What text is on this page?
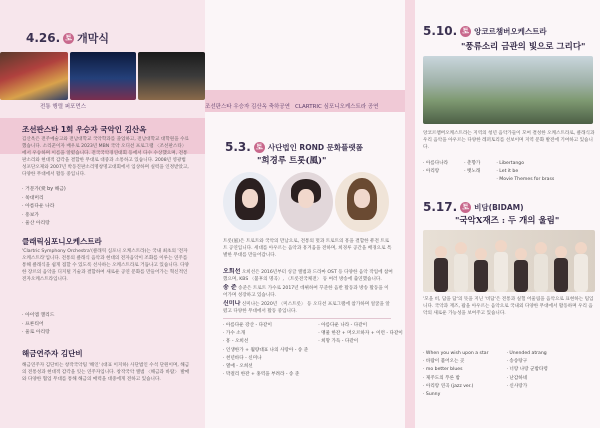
4.26. 토 개막식
전통 행렬 퍼포먼스
조선판스타 1회 우승자 국악인 김산옥
김산옥은 전주예술고와 전남대학교 국악학과를 졸업하고, 전남대학교 대학원을 수료했습니다. 소리꾼이자 배우로 2023년 MBN 국악 오디션 프로그램 〈조선판스타〉에서 우승하며 이름을 알렸습니다. 전국국악경연대회 등에서 다수 수상했으며, 전통 판소리와 현대적 감각을 결합한 무대로 대중과 소통하고 있습니다. 2008년 영광법성포단오제와 2007년 박동진판소리명창명고대회에서 입상하며 실력을 인정받았고, 다양한 무대에서 활동 중입니다.
· 거문가(愛 by 해금)
· 쑥대머리
· 아름다운 나라
· 흥보가
· 울산 아리랑
클래릭심포니오케스트라
'Clartric Symphony Orchestra'(클래릭 심포니 오케스트라)는 국내 최초의 '전자오케스트라'입니다. 전통의 클래식 음악과 현대의 전자음악이 조화를 이루는 연주를 통해 클래식을 쉽게 접할 수 있도록 선사하는 오케스트라로 거듭나고 있습니다. 다양한 장르의 음악을 디지털 기술과 결합하여 새로운 공연 문화를 만들어가는 혁신적인 전자오케스트라입니다.
· 아이엠 캘리드
· 프론티어
· 울로 아리랑
해금연주자 김단비
해금연주자 김단비는 창작국악팀 '해인' (대표 이지하) 사단법인 수석 단원이며, 해금의 전통성과 현대적 감각을 잇는 연주자입니다. 창작국악 앨범 〈해금과 바람〉 발매와 다양한 협업 무대를 통해 해금의 매력을 대중에게 전하고 있습니다.
조선판스타 우승자 김산옥 축하공연 CLARTRIC 심포니오케스트라 공연
5.3. 토 사단법인 ROND 문화플랫폼
"희경루 트롯(風)"
트롯(風)은 트로트와 국악의 만남으로, 전통의 멋과 트로트의 흥을 결합한 퓨전 트로트 공연입니다. 세대를 아우르는 음악과 흥겨움을 전하며, 희경루 공간을 배경으로 특별한 무대를 만들어갑니다.
오희선 오희선은 2016년부터 싱글 앨범과 드라마 OST 등 다양한 음악 작업에 참여했으며, KBS 〈불후의 명곡〉, 〈트롯전국체전〉 등 여러 방송에 출연했습니다.
송 준 송준은 트로트 가수로 2017년 데뷔하여 꾸준한 음반 활동과 방송 활동을 이어가며 성장하고 있습니다.
신미나 신미나는 2020년 〈미스트롯〉 등 오디션 프로그램에 참가하며 얼굴을 알렸고 다양한 무대에서 활동 중입니다.
· 아름다운 강산 - 다같이
· 가수 소개
· 흥 - 오희선
· 인생한가 + 월량대표 나의 사랑아 - 송 준
· 천년바다 - 신미나
· 열애 - 오희선
· 막걸리 한잔 + 홍역을 부려라 - 송 준
· 아름다운 나라 - 다같이
· 맹물 한잔 + 머오르하자 + 이런 - 다같이
· 희망 가득 - 다같이
5.10. 토 앙코르챔버오케스트라
"풍류소리 금관의 빛으로 그리다"
앙코르챔버오케스트라는 지역의 청년 음악가들이 모여 결성한 오케스트라로, 클래식과 우리 음악을 아우르는 다양한 레퍼토리를 선보이며 지역 문화 발전에 기여하고 있습니다.
· 아름다나라
· 아리랑
· 춘향가
· 뱃노래
· Libertango
· Let it be
· Movie Themes for brass
5.17. 토 비담(BIDAM)
"국악X재즈 : 두 개의 울림"
'모을 비, 담을 담'의 뜻을 지닌 '비담'은 전통과 실험 어울림을 음악으로 표현하는 팀입니다. 국악과 재즈, 팝을 아우르는 음악으로 국내외 다양한 무대에서 활동하며 우리 음악의 새로운 가능성을 보여주고 있습니다.
· When you wish upon a star
· 바람이 불어오는 곳
· mo better blues
· 제주도의 푸른 밤
· 아리랑 연곡 (jazz ver.)
· Sunny
· Unended atrang
· 송송탕구
· 너랑 나랑 군밤타령
· 난감하네
· 신사랑가
